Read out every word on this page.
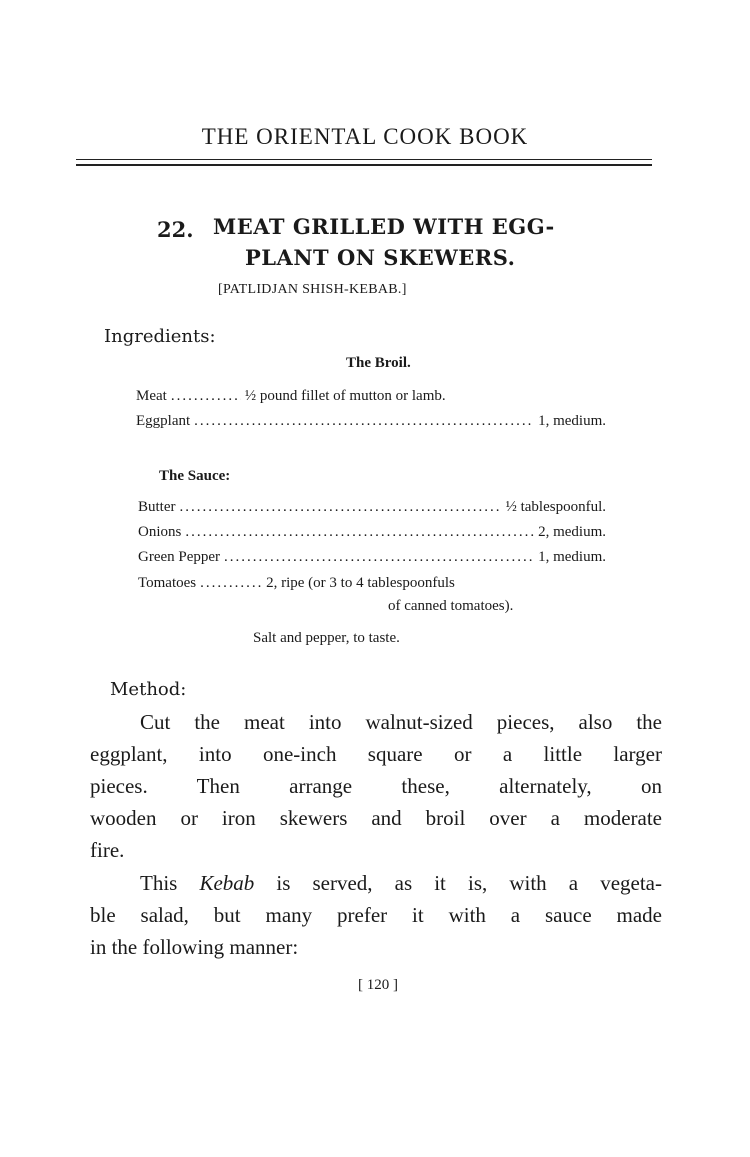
THE ORIENTAL COOK BOOK
22. MEAT GRILLED WITH EGG-
PLANT ON SKEWERS.
[PATLIDJAN SHISH-KEBAB.]
Ingredients:
The Broil.
Meat .....	½ pound fillet of mutton or lamb.
Eggplant .....	1, medium.
The Sauce:
Butter .....	½ tablespoonful.
Onions .....	2, medium.
Green Pepper .....	1, medium.
Tomatoes .....	2, ripe (or 3 to 4 tablespoonfuls
of canned tomatoes).
Salt and pepper, to taste.
Method:
Cut the meat into walnut-sized pieces, also the
eggplant, into one-inch square or a little larger
pieces. Then arrange these, alternately, on
wooden or iron skewers and broil over a moderate
fire.
This Kebab is served, as it is, with a vegeta-
ble salad, but many prefer it with a sauce made
in the following manner:
[ 120 ]
